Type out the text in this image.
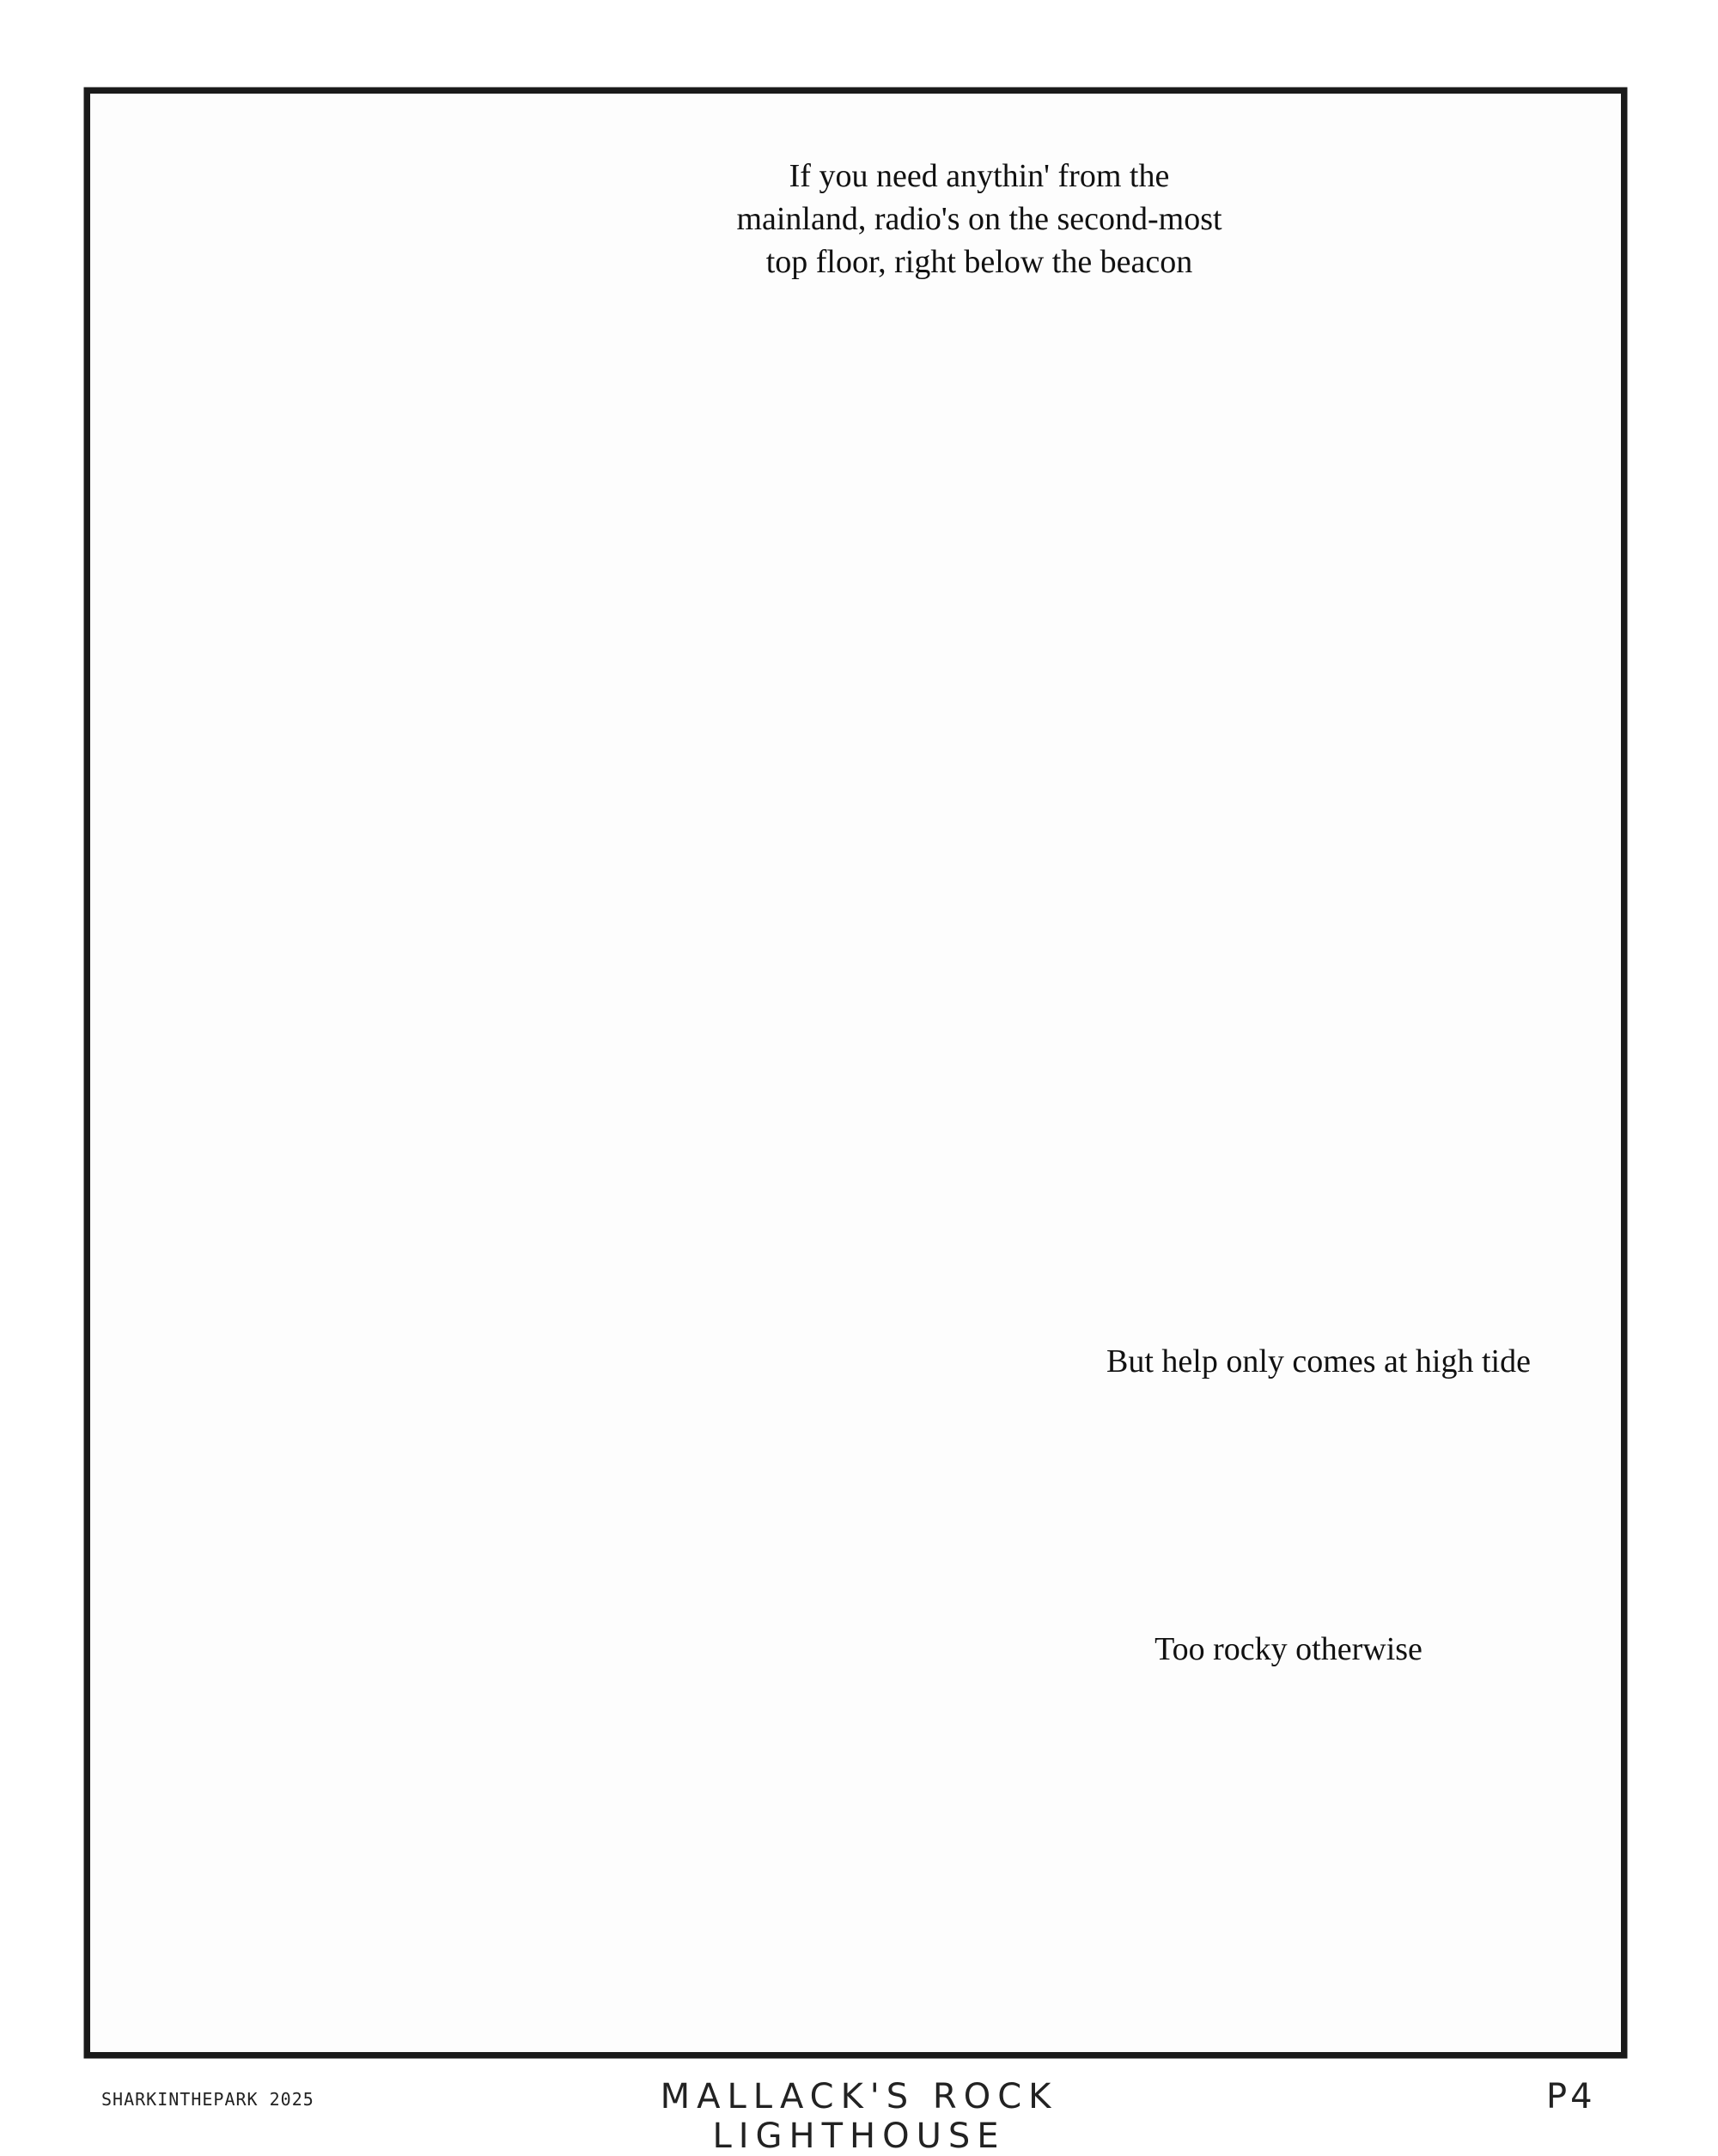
If you need anythin' from the mainland, radio's on the second-most top floor, right below the beacon
But help only comes at high tide
Too rocky otherwise
SHARKINTHEPARK 2025	MALLACK'S ROCK LIGHTHOUSE
P4
